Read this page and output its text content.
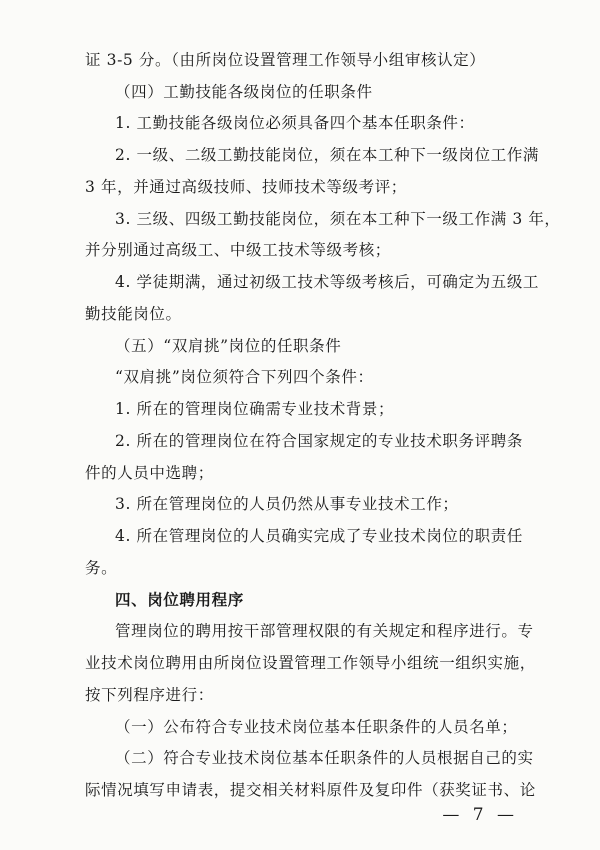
证 3-5 分。（由所岗位设置管理工作领导小组审核认定）
（四）工勤技能各级岗位的任职条件
1. 工勤技能各级岗位必须具备四个基本任职条件：
2. 一级、二级工勤技能岗位，须在本工种下一级岗位工作满
3 年，并通过高级技师、技师技术等级考评；
3. 三级、四级工勤技能岗位，须在本工种下一级工作满 3 年，
并分别通过高级工、中级工技术等级考核；
4. 学徒期满，通过初级工技术等级考核后，可确定为五级工
勤技能岗位。
（五）“双肩挑”岗位的任职条件
“双肩挑”岗位须符合下列四个条件：
1. 所在的管理岗位确需专业技术背景；
2. 所在的管理岗位在符合国家规定的专业技术职务评聘条
件的人员中选聘；
3. 所在管理岗位的人员仍然从事专业技术工作；
4. 所在管理岗位的人员确实完成了专业技术岗位的职责任
务。
四、岗位聘用程序
管理岗位的聘用按干部管理权限的有关规定和程序进行。专
业技术岗位聘用由所岗位设置管理工作领导小组统一组织实施，
按下列程序进行：
（一）公布符合专业技术岗位基本任职条件的人员名单；
（二）符合专业技术岗位基本任职条件的人员根据自己的实
际情况填写申请表，提交相关材料原件及复印件（获奖证书、论
— 7 —
